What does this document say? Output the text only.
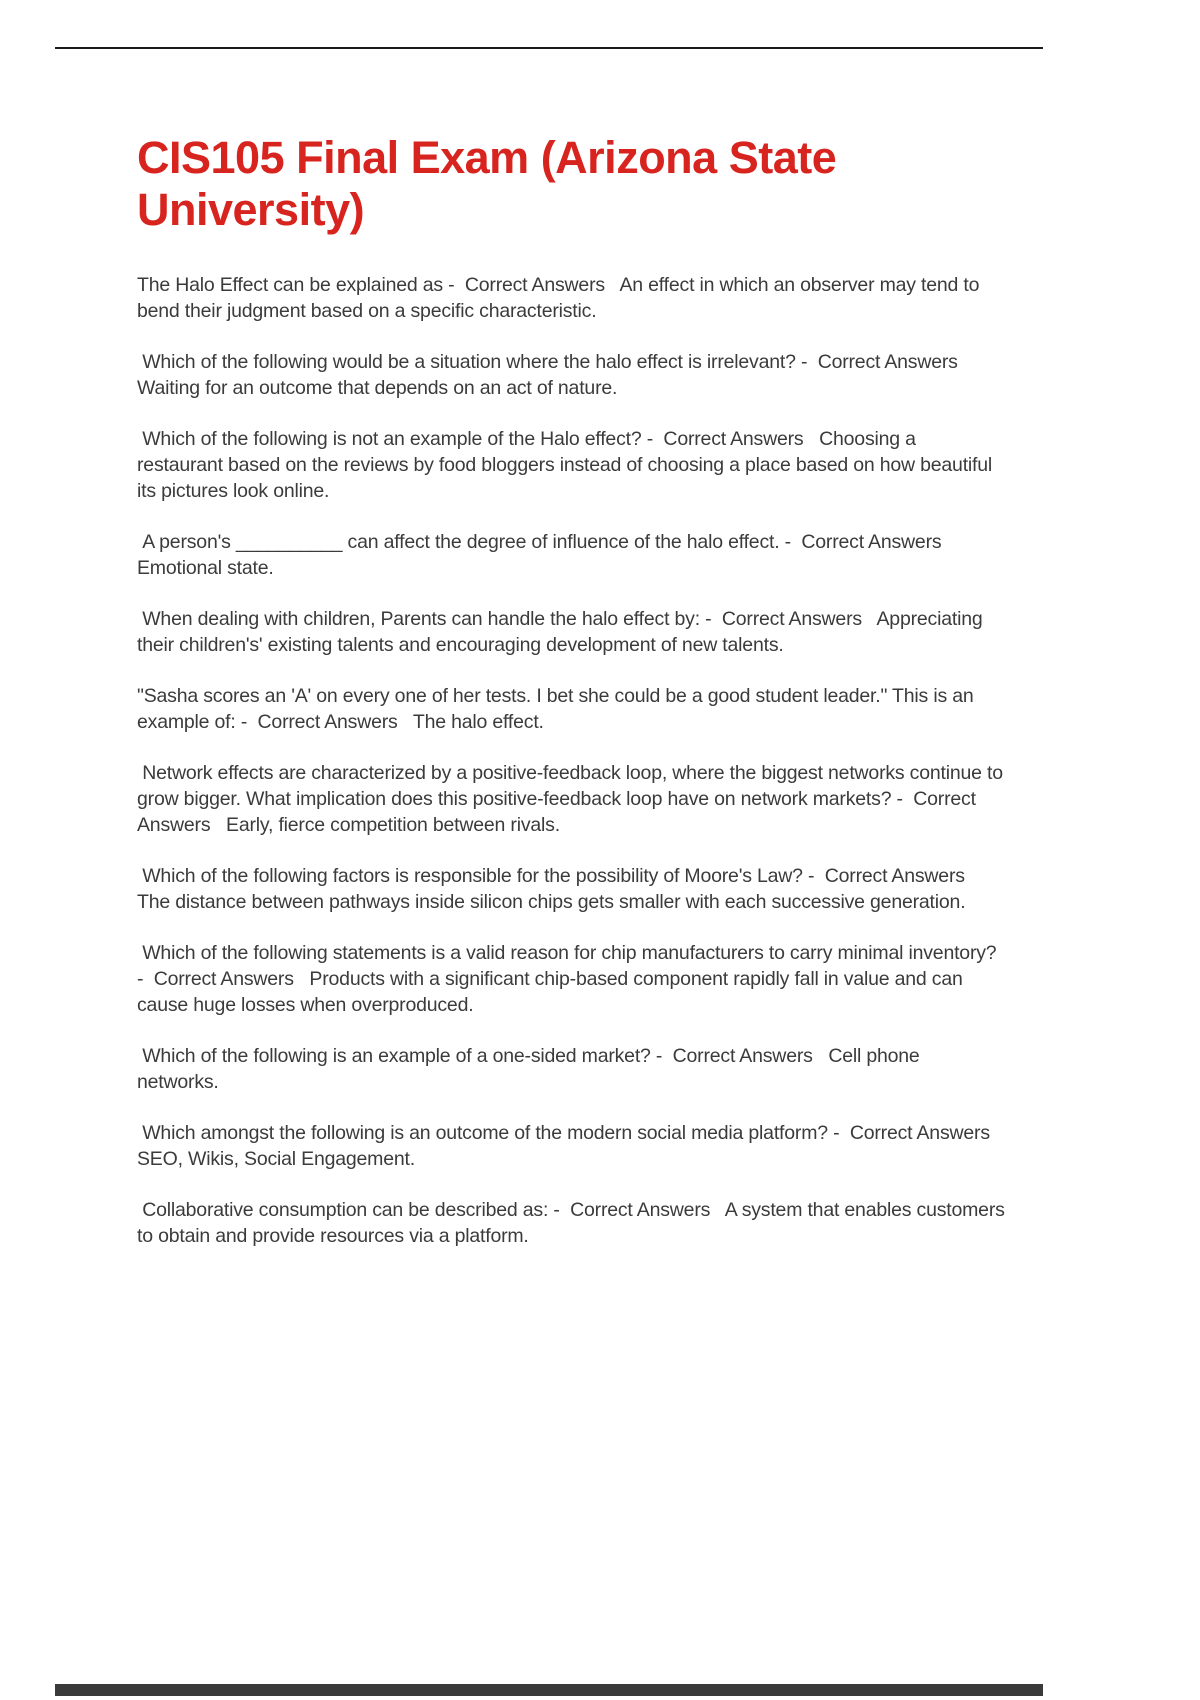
CIS105 Final Exam (Arizona State University)

The Halo Effect can be explained as -  Correct Answers   An effect in which an observer may tend to bend their judgment based on a specific characteristic.

Which of the following would be a situation where the halo effect is irrelevant? -  Correct Answers   Waiting for an outcome that depends on an act of nature.

Which of the following is not an example of the Halo effect? -  Correct Answers   Choosing a restaurant based on the reviews by food bloggers instead of choosing a place based on how beautiful its pictures look online.

A person's __________ can affect the degree of influence of the halo effect. -  Correct Answers   Emotional state.

When dealing with children, Parents can handle the halo effect by: -  Correct Answers   Appreciating their children's' existing talents and encouraging development of new talents.

"Sasha scores an 'A' on every one of her tests. I bet she could be a good student leader." This is an example of: -  Correct Answers   The halo effect.

Network effects are characterized by a positive-feedback loop, where the biggest networks continue to grow bigger. What implication does this positive-feedback loop have on network markets? -  Correct Answers   Early, fierce competition between rivals.

Which of the following factors is responsible for the possibility of Moore's Law? -  Correct Answers   The distance between pathways inside silicon chips gets smaller with each successive generation.

Which of the following statements is a valid reason for chip manufacturers to carry minimal inventory? -  Correct Answers   Products with a significant chip-based component rapidly fall in value and can cause huge losses when overproduced.

Which of the following is an example of a one-sided market? -  Correct Answers   Cell phone networks.

Which amongst the following is an outcome of the modern social media platform? -  Correct Answers   SEO, Wikis, Social Engagement.

Collaborative consumption can be described as: -  Correct Answers   A system that enables customers to obtain and provide resources via a platform.
